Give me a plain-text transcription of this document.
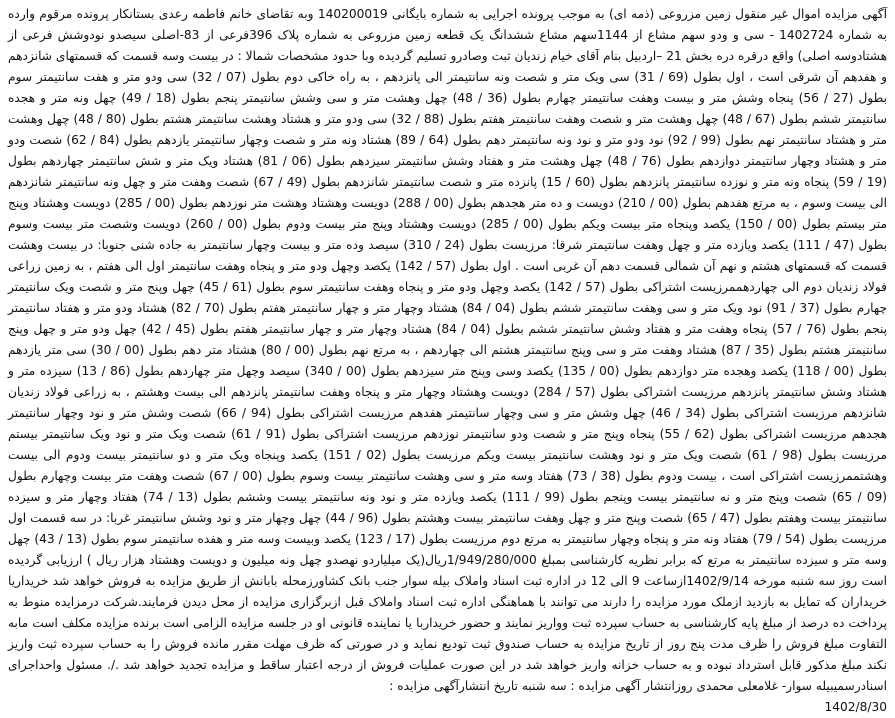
آگهی مزایده اموال غیر منقول زمین مزروعی (ذمه ای) به موجب پرونده اجرایی به شماره بایگانی 140200019 وبه تقاضای خانم فاطمه رعدی بستانکار پرونده مرقوم وارده به شماره 1402724 - سی و ودو سهم مشاع از 1144سهم مشاع ششدانگ یک قطعه زمین مزروعی به شماره پلاک 396فرعی از 83-اصلی سیصدو نودوشش فرعی از هشتادوسه اصلی) واقع درقره دره بخش 21 –اردبیل بنام آقای خیام زندیان ثبت وصادرو تسلیم گردیده وبا حدود مشخصات شمالا : در بیست وسه قسمت که قسمتهای شانزدهم و هفدهم آن شرقی است ، اول بطول (69 / 31) سی ویک متر و شصت ونه سانتیمتر الی پانزدهم ، به راه خاکی دوم بطول (07 / 32) سی ودو متر و هفت سانتیمتر سوم بطول (27 / 56) پنجاه وشش متر و بیست وهفت سانتیمتر چهارم بطول (36 / 48) چهل وهشت متر و سی وشش سانتیمتر پنجم بطول (18 / 49) چهل ونه متر و هجده سانتیمتر ششم بطول (67 / 48) چهل وهشت متر و شصت وهفت سانتیمتر هفتم بطول (88 / 32) سی ودو متر و هشتاد وهشت سانتیمتر هشتم بطول (80 / 48) چهل وهشت متر و هشتاد سانتیمتر نهم بطول (99 / 92) نود ودو متر و نود ونه سانتیمتر دهم بطول (64 / 89) هشتاد ونه متر و شصت وچهار سانتیمتر یازدهم بطول (84 / 62) شصت ودو متر و هشتاد وچهار سانتیمتر دوازدهم بطول (76 / 48) چهل وهشت متر و هفتاد وشش سانتیمتر سیزدهم بطول (06 / 81) هشتاد ویک متر و شش سانتیمتر چهاردهم بطول (19 / 59) پنجاه ونه متر و نوزده سانتیمتر پانزدهم بطول (60 / 15) پانزده متر و شصت سانتیمتر شانزدهم بطول (49 / 67) شصت وهفت متر و چهل ونه سانتیمتر شانزدهم الی بیست وسوم ، به مرتع هفدهم بطول (00 / 210) دویست و ده متر هجدهم بطول (00 / 288) دویست وهشتاد وهشت متر نوزدهم بطول (00 / 285) دویست وهشتاد وپنج متر بیستم بطول (00 / 150) یکصد وپنجاه متر بیست ویکم بطول (00 / 285) دویست وهشتاد وپنج متر بیست ودوم بطول (00 / 260) دویست وشصت متر بیست وسوم بطول (47 / 111) یکصد ویازده متر و چهل وهفت سانتیمتر شرقا: مرزیست بطول (24 / 310) سیصد وده متر و بیست وچهار سانتیمتر به جاده شنی جنوبا: در بیست وهشت قسمت که قسمتهای هشتم و نهم آن شمالی قسمت دهم آن غربی است . اول بطول (57 / 142) یکصد وچهل ودو متر و پنجاه وهفت سانتیمتر اول الی هفتم ، به زمین زراعی فولاد زندیان دوم الی چهاردهممرزیست اشتراکی بطول (57 / 142) یکصد وچهل ودو متر و پنجاه وهفت سانتیمتر سوم بطول (61 / 45) چهل وپنج متر و شصت ویک سانتیمتر چهارم بطول (37 / 91) نود ویک متر و سی وهفت سانتیمتر ششم بطول (04 / 84) هشتاد وچهار متر و چهار سانتیمتر هفتم بطول (70 / 82) هشتاد ودو متر و هفتاد سانتیمتر پنجم بطول (76 / 57) پنجاه وهفت متر و هفتاد وشش سانتیمتر ششم بطول (04 / 84) هشتاد وچهار متر و چهار سانتیمتر هفتم بطول (45 / 42) چهل ودو متر و چهل وپنج سانتیمتر هشتم بطول (35 / 87) هشتاد وهفت متر و سی وپنج سانتیمتر هشتم الی چهاردهم ، به مرتع نهم بطول (00 / 80) هشتاد متر دهم بطول (00 / 30) سی متر یازدهم بطول (00 / 118) یکصد وهجده متر دوازدهم بطول (00 / 135) یکصد وسی وپنج متر سیزدهم بطول (00 / 340) سیصد وچهل متر چهاردهم بطول (86 / 13) سیزده متر و هشتاد وشش سانتیمتر پانزدهم مرزیست اشتراکی بطول (57 / 284) دویست وهشتاد وچهار متر و پنجاه وهفت سانتیمتر پانزدهم الی بیست وهشتم ، به زراعی فولاد زندیان شانزدهم مرزیست اشتراکی بطول (34 / 46) چهل وشش متر و سی وچهار سانتیمتر هفدهم مرزیست اشتراکی بطول (94 / 66) شصت وشش متر و نود وچهار سانتیمتر هجدهم مرزیست اشتراکی بطول (62 / 55) پنجاه وپنج متر و شصت ودو سانتیمتر نوزدهم مرزیست اشتراکی بطول (91 / 61) شصت ویک متر و نود ویک سانتیمتر بیستم مرزیست بطول (98 / 61) شصت ویک متر و نود وهشت سانتیمتر بیست ویکم مرزیست بطول (02 / 151) یکصد وپنجاه ویک متر و دو سانتیمتر بیست ودوم الی بیست وهشتممرزیست اشتراکی است ، بیست ودوم بطول (38 / 73) هفتاد وسه متر و سی وهشت سانتیمتر بیست وسوم بطول (00 / 67) شصت وهفت متر بیست وچهارم بطول (09 / 65) شصت وپنج متر و نه سانتیمتر بیست وپنجم بطول (99 / 111) یکصد ویازده متر و نود ونه سانتیمتر بیست وششم بطول (13 / 74) هفتاد وچهار متر و سیزده سانتیمتر بیست وهفتم بطول (47 / 65) شصت وپنج متر و چهل وهفت سانتیمتر بیست وهشتم بطول (96 / 44) چهل وچهار متر و نود وشش سانتیمتر غربا: در سه قسمت اول مرزیست بطول (54 / 79) هفتاد ونه متر و پنجاه وچهار سانتیمتر به مرتع دوم مرزیست بطول (17 / 123) یکصد وبیست وسه متر و هفده سانتیمتر سوم بطول (13 / 43) چهل وسه متر و سیزده سانتیمتر به مرتع که برابر نظریه کارشناسی بمبلغ 1/949/280/000ریال(یک میلیاردو نهصدو چهل ونه میلیون و دویست وهشتاد هزار ریال ) ارزیابی گردیده است روز سه شنبه مورخه 1402/9/14ازساعت 9 الی 12 در اداره ثبت اسناد واملاک بیله سوار جنب بانک کشاورزمحله بابانش از طریق مزایده به فروش خواهد شد خریداریا خریداران که تمایل به بازدید ازملک مورد مزایده را دارند می توانند با هماهنگی اداره ثبت اسناد واملاک قبل ازبرگزاری مزایده از محل دیدن فرمایند.شرکت درمزایده منوط به پرداخت ده درصد از مبلغ پایه کارشناسی به حساب سپرده ثبت وواریز نمایند و حضور خریداربا یا نماینده قانونی او در جلسه مزایده الزامی است برنده مزایده مکلف است مابه التفاوت مبلغ فروش را ظرف مدت پنج روز از تاریخ مزایده به حساب صندوق ثبت تودیع نماید و در صورتی که ظرف مهلت مقرر مانده فروش را به حساب سپرده ثبت واریز نکند مبلغ مذکور قابل استرداد نبوده و به حساب خزانه واریز خواهد شد در این صورت عملیات فروش از درجه اعتبار ساقط و مزایده تجدید خواهد شد ./. مسئول واحداجرای اسنادرسمیبیله سوار- غلامعلی محمدی روزانتشار آگهی مزایده : سه شنبه تاریخ انتشارآگهی مزایده :

1402/8/30
